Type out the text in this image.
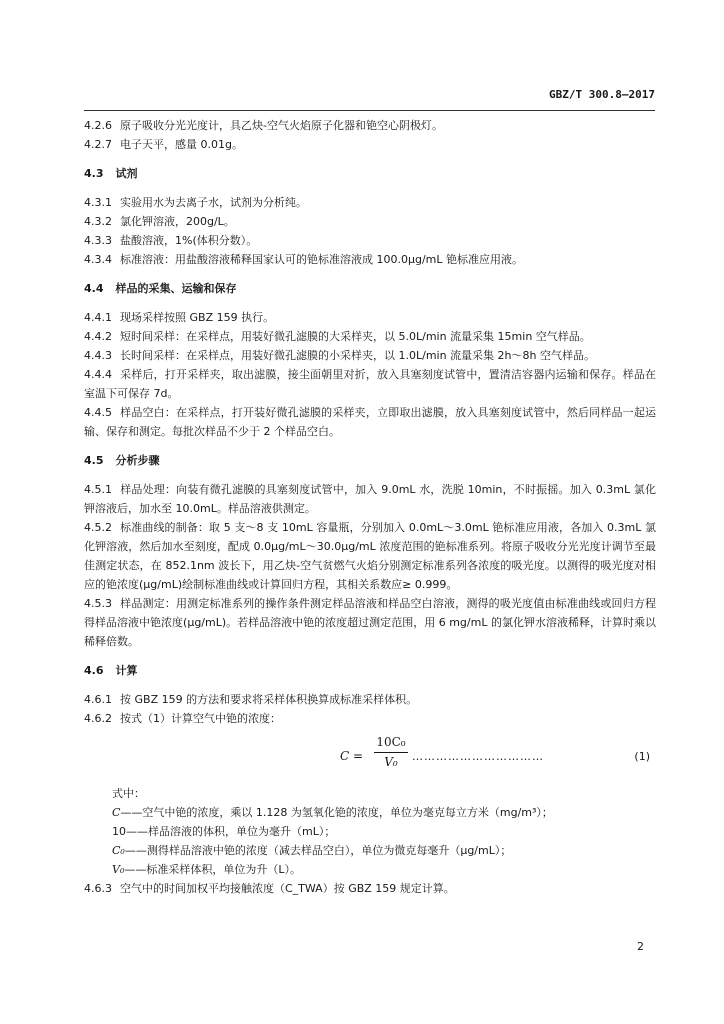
GBZ/T 300.8—2017
4.2.6 原子吸收分光光度计，具乙炔-空气火焰原子化器和铯空心阴极灯。
4.2.7 电子天平，感量 0.01g。
4.3 试剂
4.3.1 实验用水为去离子水，试剂为分析纯。
4.3.2 氯化钾溶液，200g/L。
4.3.3 盐酸溶液，1%(体积分数）。
4.3.4 标准溶液：用盐酸溶液稀释国家认可的铯标准溶液成 100.0μg/mL 铯标准应用液。
4.4 样品的采集、运输和保存
4.4.1 现场采样按照 GBZ 159 执行。
4.4.2 短时间采样：在采样点，用装好微孔滤膜的大采样夹，以 5.0L/min 流量采集 15min 空气样品。
4.4.3 长时间采样：在采样点，用装好微孔滤膜的小采样夹，以 1.0L/min 流量采集 2h～8h 空气样品。
4.4.4 采样后，打开采样夹，取出滤膜，接尘面朝里对折，放入具塞刻度试管中，置清洁容器内运输和保存。样品在室温下可保存 7d。
4.4.5 样品空白：在采样点，打开装好微孔滤膜的采样夹，立即取出滤膜，放入具塞刻度试管中，然后同样品一起运输、保存和测定。每批次样品不少于 2 个样品空白。
4.5 分析步骤
4.5.1 样品处理：向装有微孔滤膜的具塞刻度试管中，加入 9.0mL 水，洗脱 10min，不时振摇。加入 0.3mL 氯化钾溶液后，加水至 10.0mL。样品溶液供测定。
4.5.2 标准曲线的制备：取 5 支～8 支 10mL 容量瓶，分别加入 0.0mL～3.0mL 铯标准应用液，各加入 0.3mL 氯化钾溶液，然后加水至刻度，配成 0.0μg/mL～30.0μg/mL 浓度范围的铯标准系列。将原子吸收分光光度计调节至最佳测定状态，在 852.1nm 波长下，用乙炔-空气贫燃气火焰分别测定标准系列各浓度的吸光度。以测得的吸光度对相应的铯浓度(μg/mL)绘制标准曲线或计算回归方程，其相关系数应≥ 0.999。
4.5.3 样品测定：用测定标准系列的操作条件测定样品溶液和样品空白溶液，测得的吸光度值由标准曲线或回归方程得样品溶液中铯浓度(μg/mL)。若样品溶液中铯的浓度超过测定范围，用 6 mg/mL 的氯化钾水溶液稀释，计算时乘以稀释倍数。
4.6 计算
4.6.1 按 GBZ 159 的方法和要求将采样体积换算成标准采样体积。
4.6.2 按式（1）计算空气中铯的浓度：
$C = \frac{\text{10C₀}}{\text{V₀}}$ ……………………………	(1)
式中：
C——空气中铯的浓度，乘以 1.128 为氢氧化铯的浓度，单位为毫克每立方米（mg/m³）；
10——样品溶液的体积，单位为毫升（mL）；
C₀——测得样品溶液中铯的浓度（减去样品空白），单位为微克每毫升（μg/mL）；
V₀——标准采样体积，单位为升（L）。
4.6.3 空气中的时间加权平均接触浓度（C_TWA）按 GBZ 159 规定计算。
2
